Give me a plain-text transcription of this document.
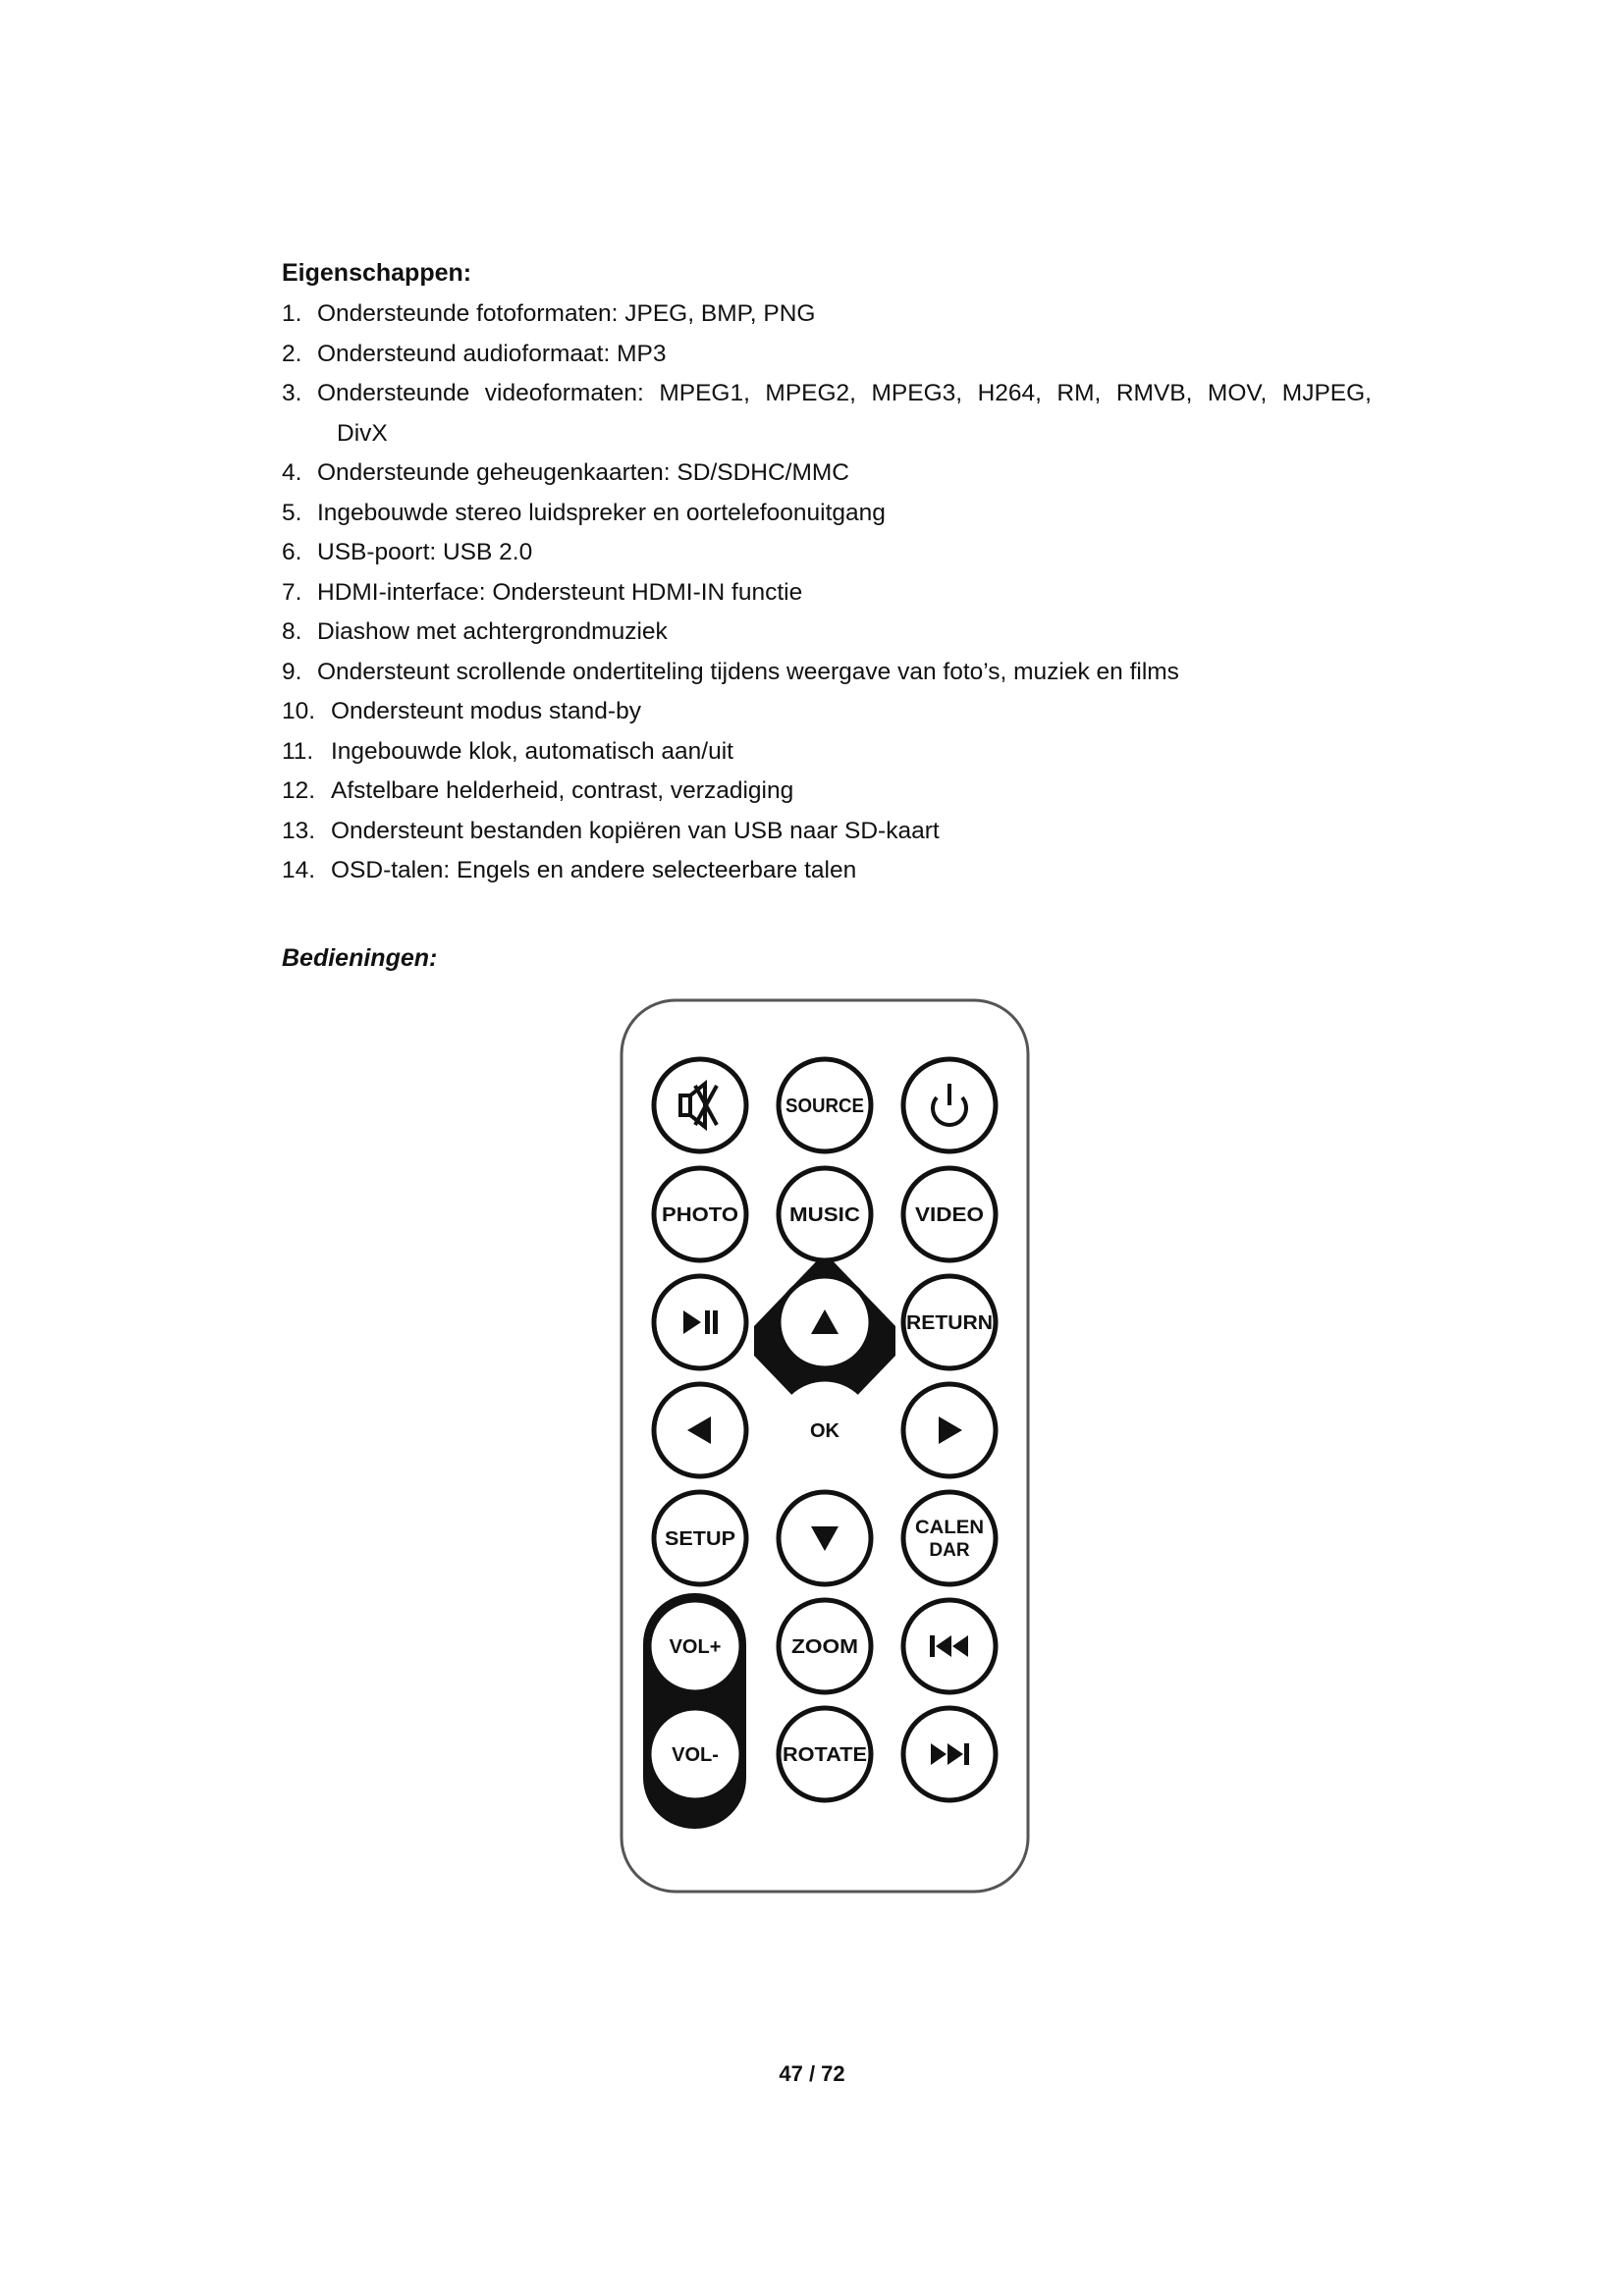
Eigenschappen:
1. Ondersteunde fotoformaten: JPEG, BMP, PNG
2. Ondersteund audioformaat: MP3
3. Ondersteunde videoformaten: MPEG1, MPEG2, MPEG3, H264, RM, RMVB, MOV, MJPEG,
DivX
4. Ondersteunde geheugenkaarten: SD/SDHC/MMC
5. Ingebouwde stereo luidspreker en oortelefoonuitgang
6. USB-poort: USB 2.0
7. HDMI-interface: Ondersteunt HDMI-IN functie
8. Diashow met achtergrondmuziek
9. Ondersteunt scrollende ondertiteling tijdens weergave van foto’s, muziek en films
10. Ondersteunt modus stand-by
11. Ingebouwde klok, automatisch aan/uit
12. Afstelbare helderheid, contrast, verzadiging
13. Ondersteunt bestanden kopiëren van USB naar SD-kaart
14. OSD-talen: Engels en andere selecteerbare talen
Bedieningen:
SOURCE
PHOTO	MUSIC	VIDEO
RETURN
OK
SETUP
CALEN
DAR
VOL+	ZOOM
VOL-	ROTATE
47 / 72
